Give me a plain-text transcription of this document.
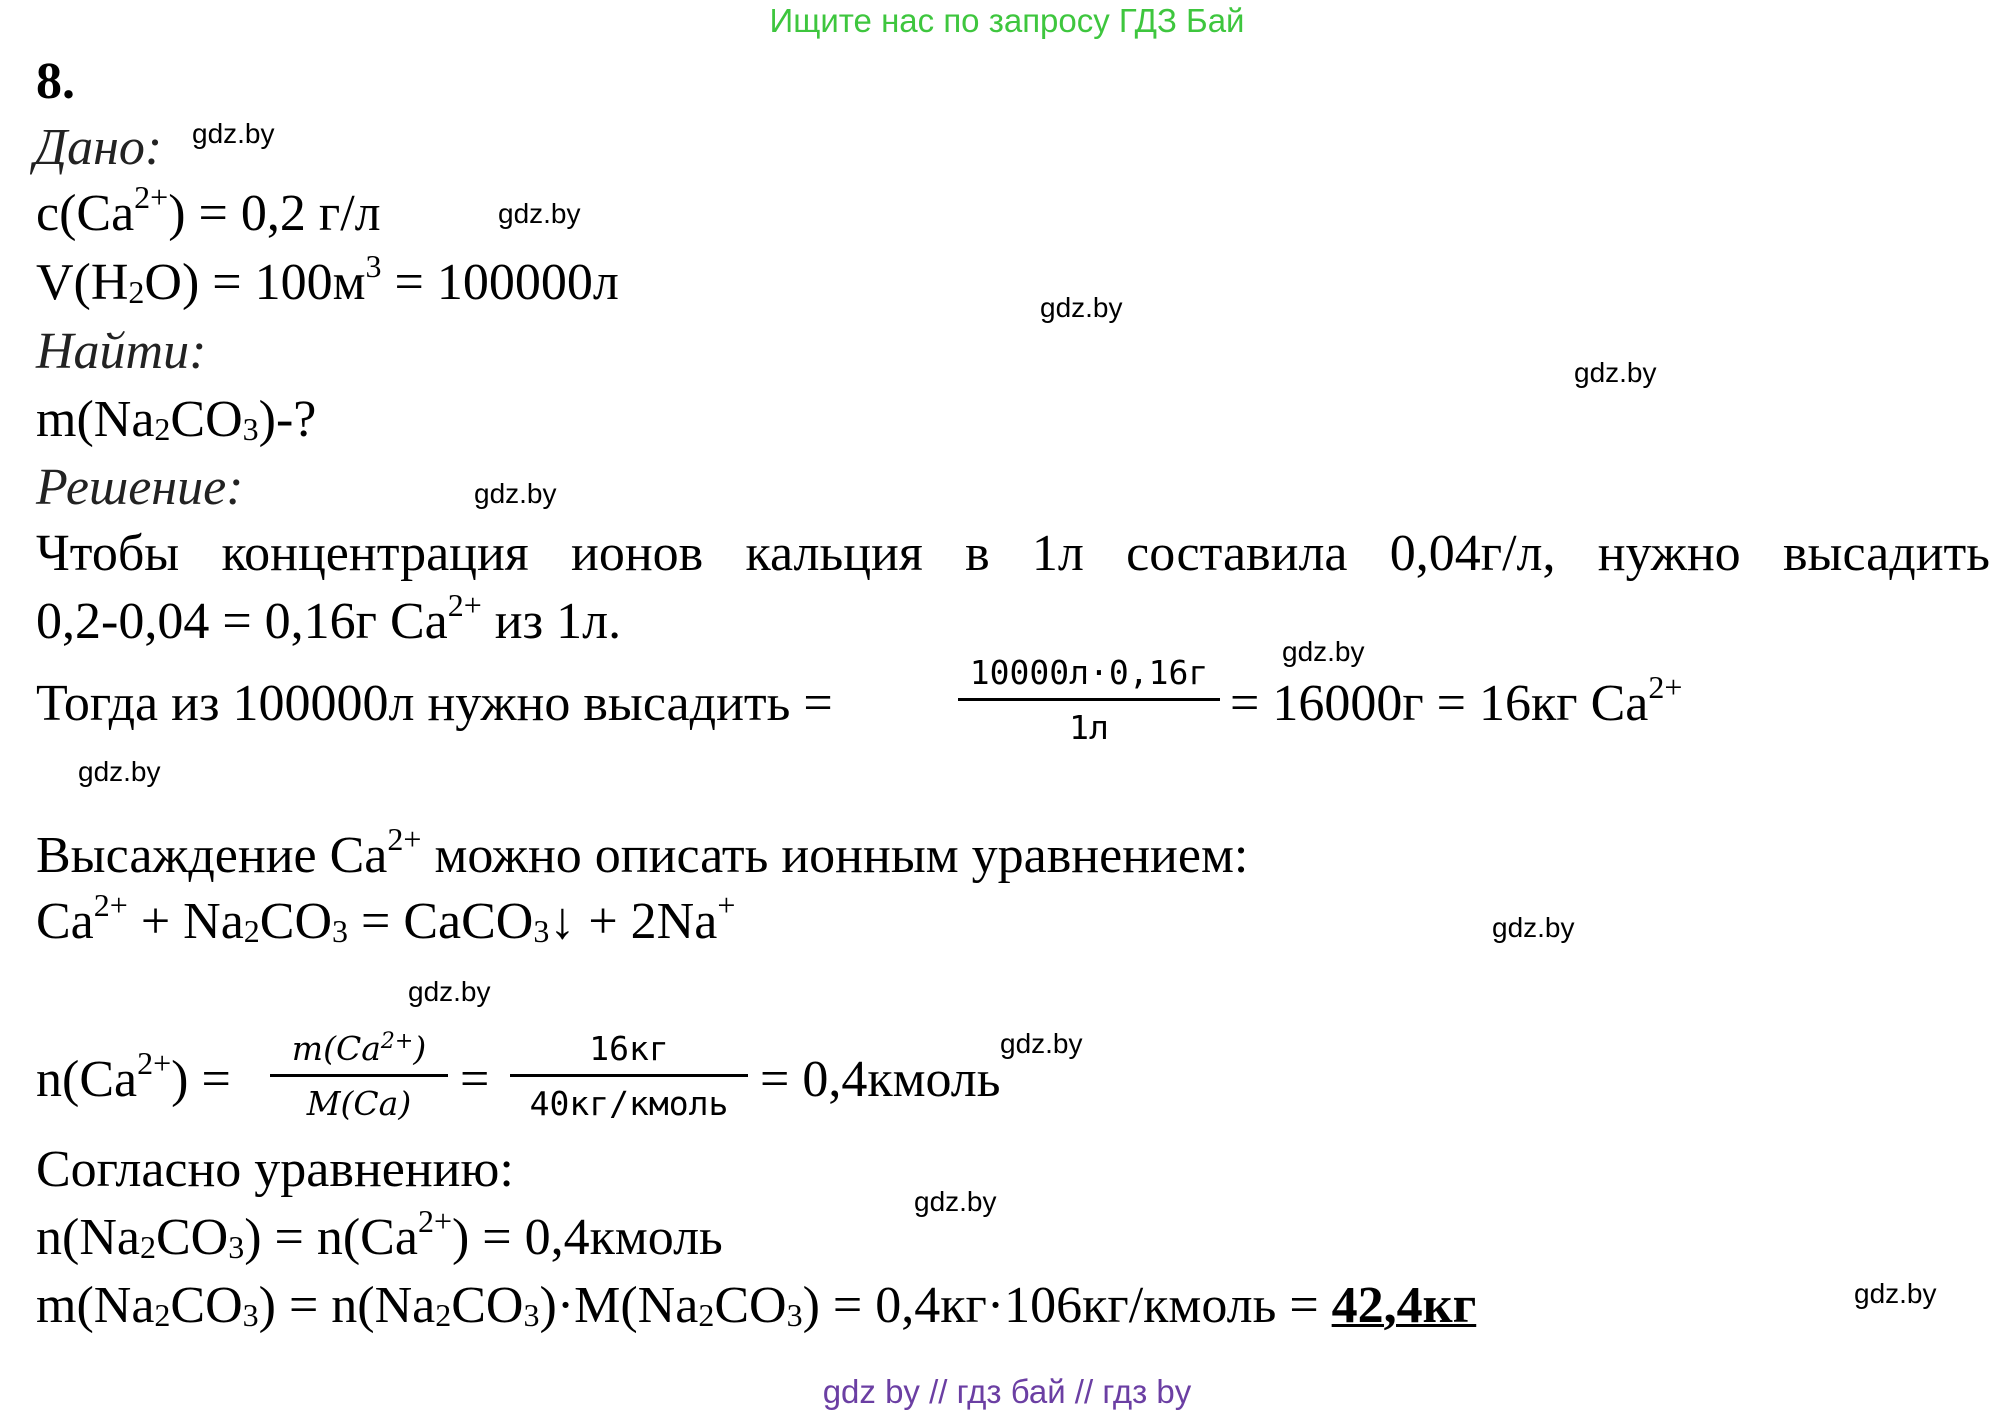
Ищите нас по запросу ГДЗ Бай
8.
Дано:
$c(Ca^{2+}) = 0,2$ г/л
$V(H2O) = 100м^3 = 100000л$
Найти:
m(Na2CO3)-?
Решение:
Чтобы концентрация ионов кальция в 1л составила 0,04г/л, нужно высадить
0,2-0,04 = 0,16г $Ca^{2+}$ из 1л.
Тогда из 100000л нужно высадить =
10000л·0,16г
1л	= 16000г = 16кг $Ca^{2+}$
Высаждение $Ca^{2+}$ можно описать ионным уравнением:
$Ca^{2+} + Na2CO3$ = CaCO3↓ + 2Na+
$n(Ca^{2+})$ =
$m(Ca^{2+})$
M(Ca) =
16кг
40кг/кмоль = 0,4кмоль
Согласно уравнению:
$n(Na2CO3) = n(Ca^{2+})$ = 0,4кмоль
m(Na2CO3) = n(Na2CO3)·M(Na2CO3) = 0,4кг·106кг/кмоль = 42,4кг
gdz.by
gdz.by
gdz.by
gdz.by
gdz.by
gdz.by
gdz.by
gdz.by
gdz.by
gdz.by
gdz.by
gdz.by
gdz by // гдз бай // гдз by
